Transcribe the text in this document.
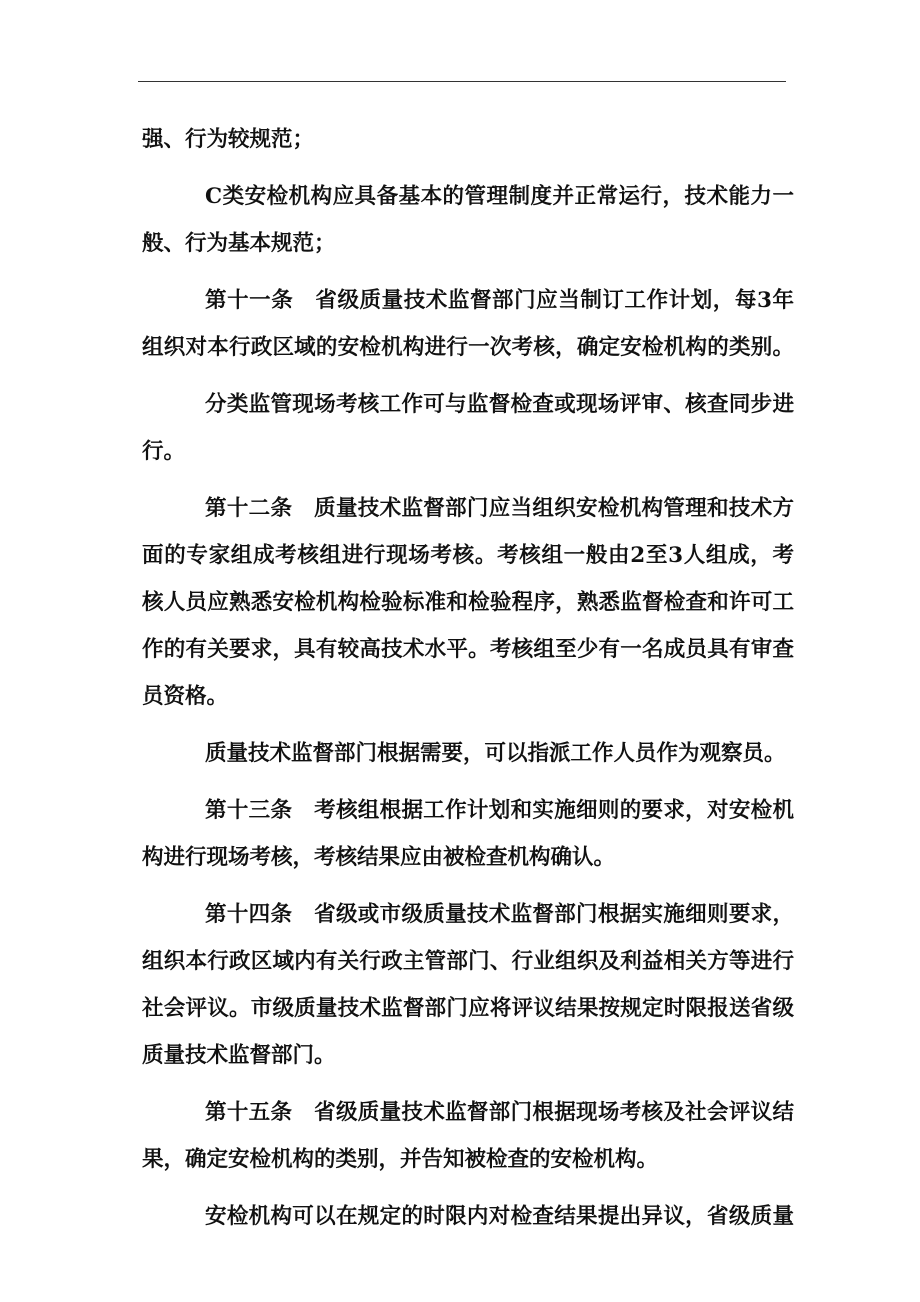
强、行为较规范；
C类安检机构应具备基本的管理制度并正常运行，技术能力一
般、行为基本规范；
第十一条　省级质量技术监督部门应当制订工作计划，每3年
组织对本行政区域的安检机构进行一次考核，确定安检机构的类别。
分类监管现场考核工作可与监督检查或现场评审、核查同步进
行。
第十二条　质量技术监督部门应当组织安检机构管理和技术方
面的专家组成考核组进行现场考核。考核组一般由2至3人组成，考
核人员应熟悉安检机构检验标准和检验程序，熟悉监督检查和许可工
作的有关要求，具有较高技术水平。考核组至少有一名成员具有审查
员资格。
质量技术监督部门根据需要，可以指派工作人员作为观察员。
第十三条　考核组根据工作计划和实施细则的要求，对安检机
构进行现场考核，考核结果应由被检查机构确认。
第十四条　省级或市级质量技术监督部门根据实施细则要求，
组织本行政区域内有关行政主管部门、行业组织及利益相关方等进行
社会评议。市级质量技术监督部门应将评议结果按规定时限报送省级
质量技术监督部门。
第十五条　省级质量技术监督部门根据现场考核及社会评议结
果，确定安检机构的类别，并告知被检查的安检机构。
安检机构可以在规定的时限内对检查结果提出异议，省级质量
